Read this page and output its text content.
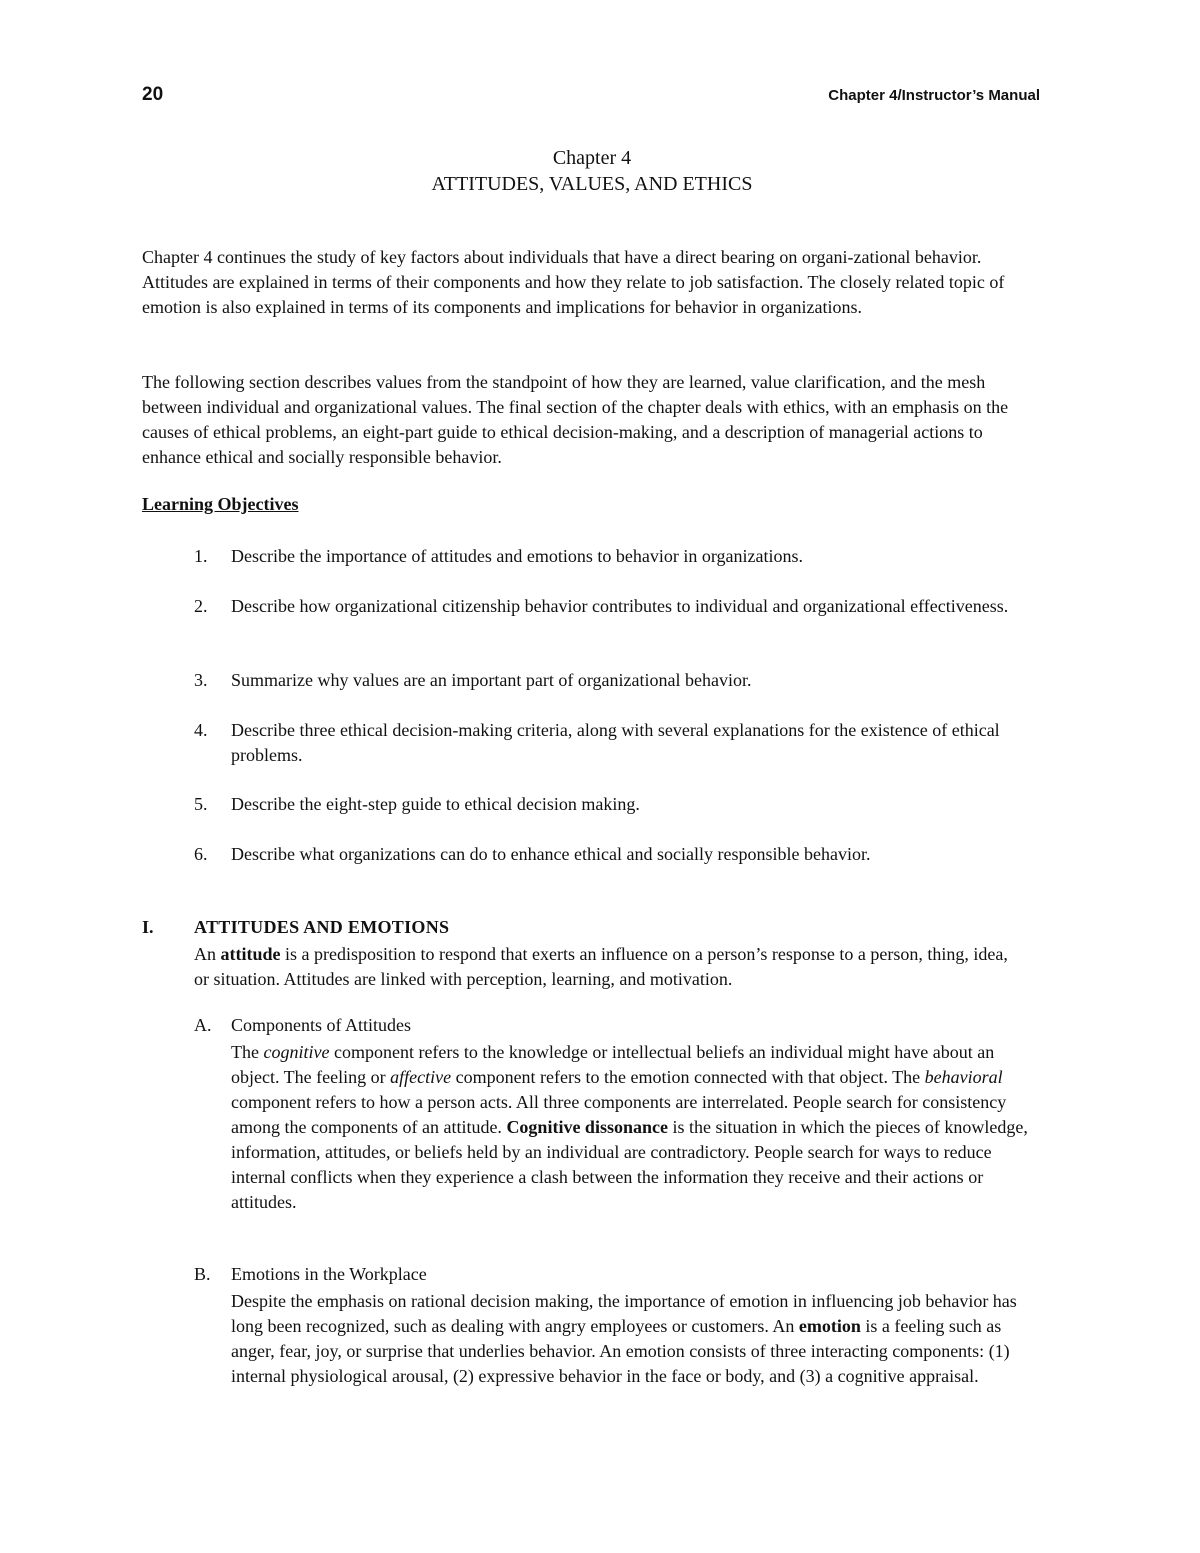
20	Chapter 4/Instructor’s Manual
Chapter 4
ATTITUDES, VALUES, AND ETHICS

Chapter 4 continues the study of key factors about individuals that have a direct bearing on organi-zational behavior. Attitudes are explained in terms of their components and how they relate to job satisfaction. The closely related topic of emotion is also explained in terms of its components and implications for behavior in organizations.

The following section describes values from the standpoint of how they are learned, value clarification, and the mesh between individual and organizational values. The final section of the chapter deals with ethics, with an emphasis on the causes of ethical problems, an eight-part guide to ethical decision-making, and a description of managerial actions to enhance ethical and socially responsible behavior.

Learning Objectives
1. Describe the importance of attitudes and emotions to behavior in organizations.
2. Describe how organizational citizenship behavior contributes to individual and organizational effectiveness.
3. Summarize why values are an important part of organizational behavior.
4. Describe three ethical decision-making criteria, along with several explanations for the existence of ethical problems.
5. Describe the eight-step guide to ethical decision making.
6. Describe what organizations can do to enhance ethical and socially responsible behavior.
I. ATTITUDES AND EMOTIONS

An attitude is a predisposition to respond that exerts an influence on a person’s response to a person, thing, idea, or situation. Attitudes are linked with perception, learning, and motivation.

A. Components of Attitudes

The cognitive component refers to the knowledge or intellectual beliefs an individual might have about an object. The feeling or affective component refers to the emotion connected with that object. The behavioral component refers to how a person acts. All three components are interrelated. People search for consistency among the components of an attitude. Cognitive dissonance is the situation in which the pieces of knowledge, information, attitudes, or beliefs held by an individual are contradictory. People search for ways to reduce internal conflicts when they experience a clash between the information they receive and their actions or attitudes.

B. Emotions in the Workplace

Despite the emphasis on rational decision making, the importance of emotion in influencing job behavior has long been recognized, such as dealing with angry employees or customers. An emotion is a feeling such as anger, fear, joy, or surprise that underlies behavior. An emotion consists of three interacting components: (1) internal physiological arousal, (2) expressive behavior in the face or body, and (3) a cognitive appraisal.
